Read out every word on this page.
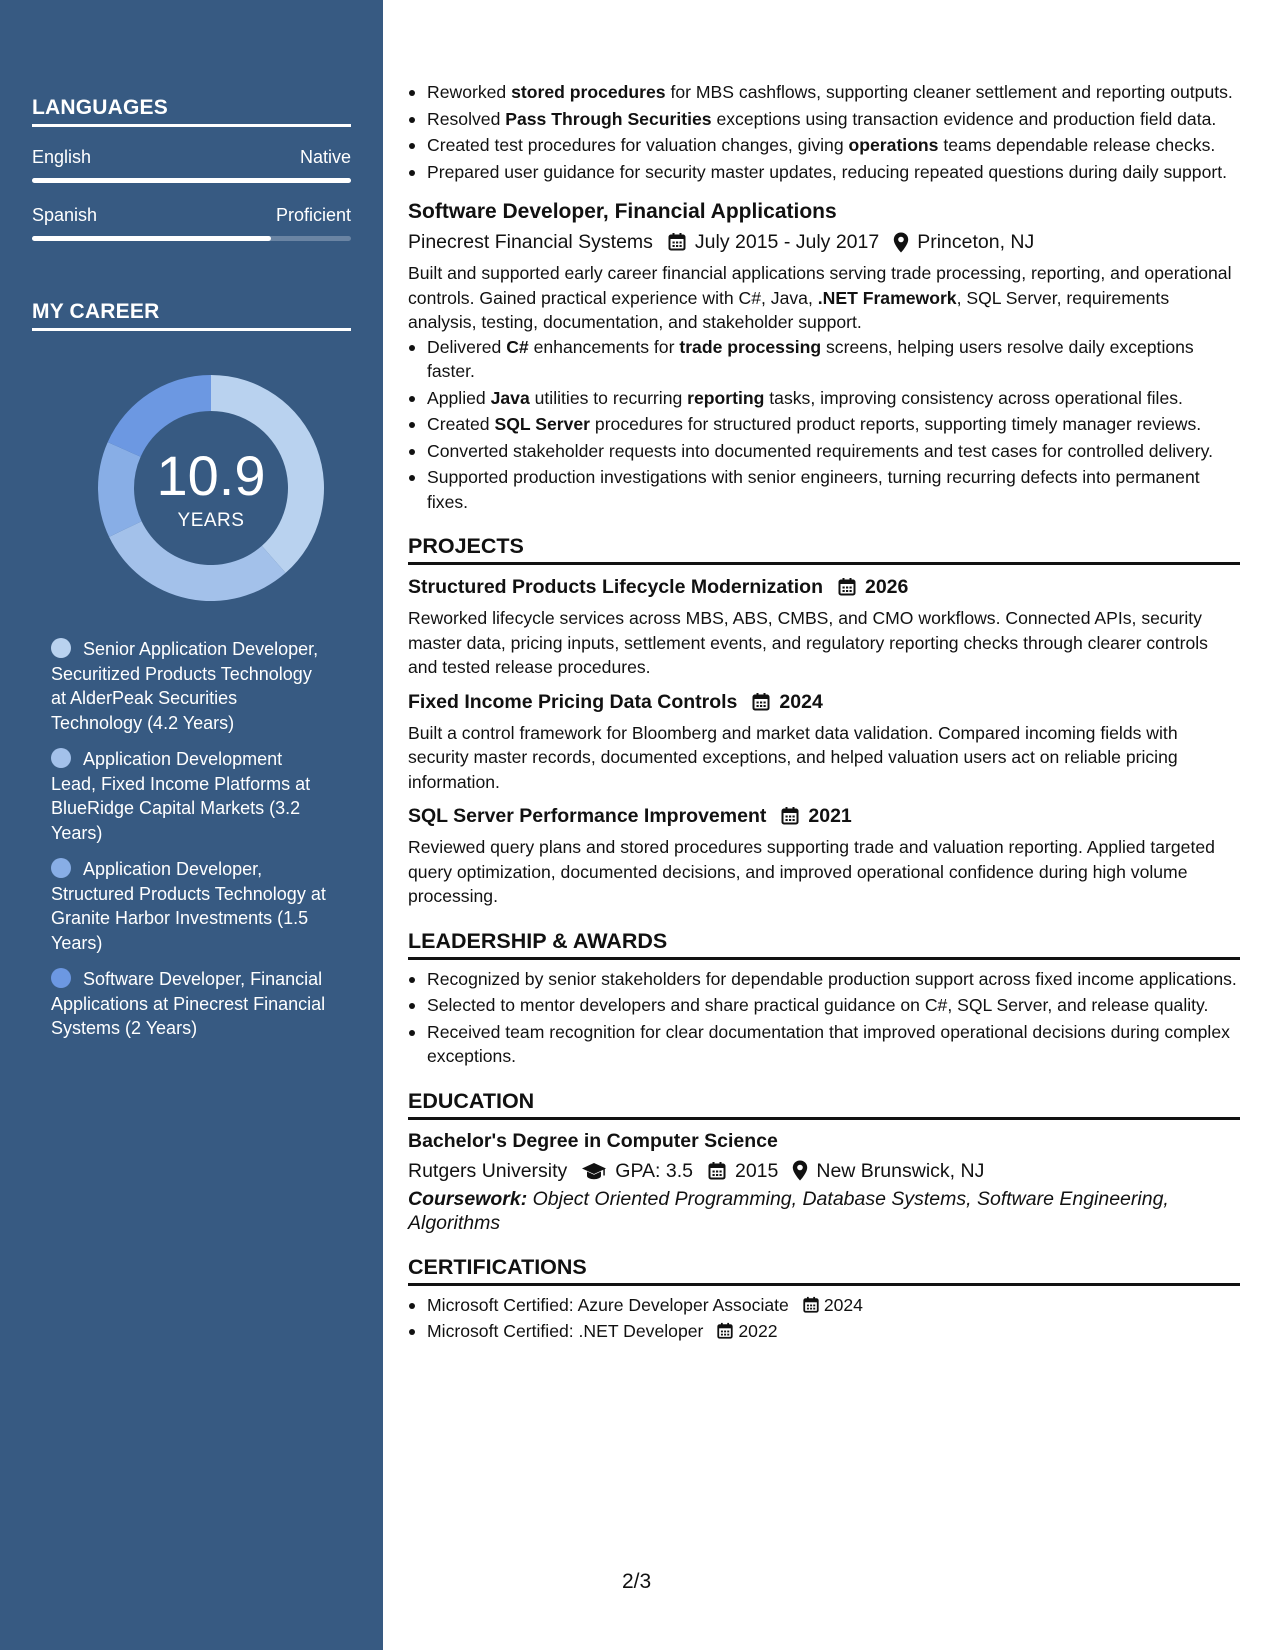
LANGUAGES
English	Native
Spanish	Proficient
MY CAREER
10.9
YEARS
Senior Application Developer, Securitized Products Technology at AlderPeak Securities Technology (4.2 Years)
Application Development Lead, Fixed Income Platforms at BlueRidge Capital Markets (3.2 Years)
Application Developer, Structured Products Technology at Granite Harbor Investments (1.5 Years)
Software Developer, Financial Applications at Pinecrest Financial Systems (2 Years)
Reworked stored procedures for MBS cashflows, supporting cleaner settlement and reporting outputs.
Resolved Pass Through Securities exceptions using transaction evidence and production field data.
Created test procedures for valuation changes, giving operations teams dependable release checks.
Prepared user guidance for security master updates, reducing repeated questions during daily support.
Software Developer, Financial Applications
Pinecrest Financial Systems July 2015 - July 2017 Princeton, NJ
Built and supported early career financial applications serving trade processing, reporting, and operational controls. Gained practical experience with C#, Java, .NET Framework, SQL Server, requirements analysis, testing, documentation, and stakeholder support.
Delivered C# enhancements for trade processing screens, helping users resolve daily exceptions faster.
Applied Java utilities to recurring reporting tasks, improving consistency across operational files.
Created SQL Server procedures for structured product reports, supporting timely manager reviews.
Converted stakeholder requests into documented requirements and test cases for controlled delivery.
Supported production investigations with senior engineers, turning recurring defects into permanent fixes.
PROJECTS
Structured Products Lifecycle Modernization 2026
Reworked lifecycle services across MBS, ABS, CMBS, and CMO workflows. Connected APIs, security master data, pricing inputs, settlement events, and regulatory reporting checks through clearer controls and tested release procedures.
Fixed Income Pricing Data Controls 2024
Built a control framework for Bloomberg and market data validation. Compared incoming fields with security master records, documented exceptions, and helped valuation users act on reliable pricing information.
SQL Server Performance Improvement 2021
Reviewed query plans and stored procedures supporting trade and valuation reporting. Applied targeted query optimization, documented decisions, and improved operational confidence during high volume processing.
LEADERSHIP & AWARDS
Recognized by senior stakeholders for dependable production support across fixed income applications.
Selected to mentor developers and share practical guidance on C#, SQL Server, and release quality.
Received team recognition for clear documentation that improved operational decisions during complex exceptions.
EDUCATION
Bachelor's Degree in Computer Science
Rutgers University GPA: 3.5 2015 New Brunswick, NJ
Coursework: Object Oriented Programming, Database Systems, Software Engineering, Algorithms
CERTIFICATIONS
Microsoft Certified: Azure Developer Associate 2024
Microsoft Certified: .NET Developer 2022
2/3
